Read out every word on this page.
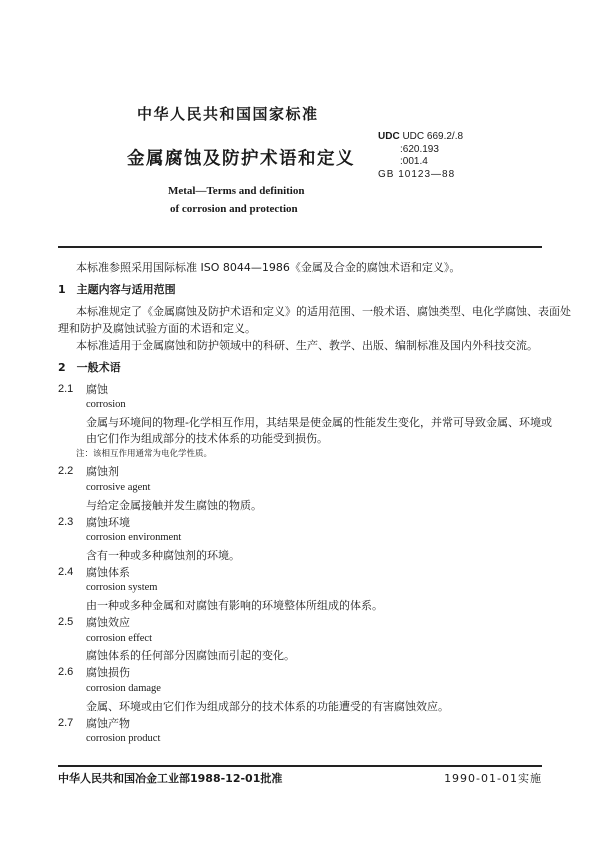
中华人民共和国国家标准
金属腐蚀及防护术语和定义
Metal—Terms and definition
of corrosion and protection
UDC UDC 669.2/.8
:620.193
:001.4
GB 10123—88
本标准参照采用国际标准 ISO 8044—1986《金属及合金的腐蚀术语和定义》。
1　主题内容与适用范围
本标准规定了《金属腐蚀及防护术语和定义》的适用范围、一般术语、腐蚀类型、电化学腐蚀、表面处
理和防护及腐蚀试验方面的术语和定义。
本标准适用于金属腐蚀和防护领域中的科研、生产、教学、出版、编制标准及国内外科技交流。
2　一般术语
2.1 腐蚀
corrosion
金属与环境间的物理-化学相互作用，其结果是使金属的性能发生变化，并常可导致金属、环境或
由它们作为组成部分的技术体系的功能受到损伤。
注：该相互作用通常为电化学性质。
2.2 腐蚀剂
corrosive agent
与给定金属接触并发生腐蚀的物质。
2.3 腐蚀环境
corrosion environment
含有一种或多种腐蚀剂的环境。
2.4 腐蚀体系
corrosion system
由一种或多种金属和对腐蚀有影响的环境整体所组成的体系。
2.5 腐蚀效应
corrosion effect
腐蚀体系的任何部分因腐蚀而引起的变化。
2.6 腐蚀损伤
corrosion damage
金属、环境或由它们作为组成部分的技术体系的功能遭受的有害腐蚀效应。
2.7 腐蚀产物
corrosion product
中华人民共和国冶金工业部1988-12-01批准	1990-01-01实施
